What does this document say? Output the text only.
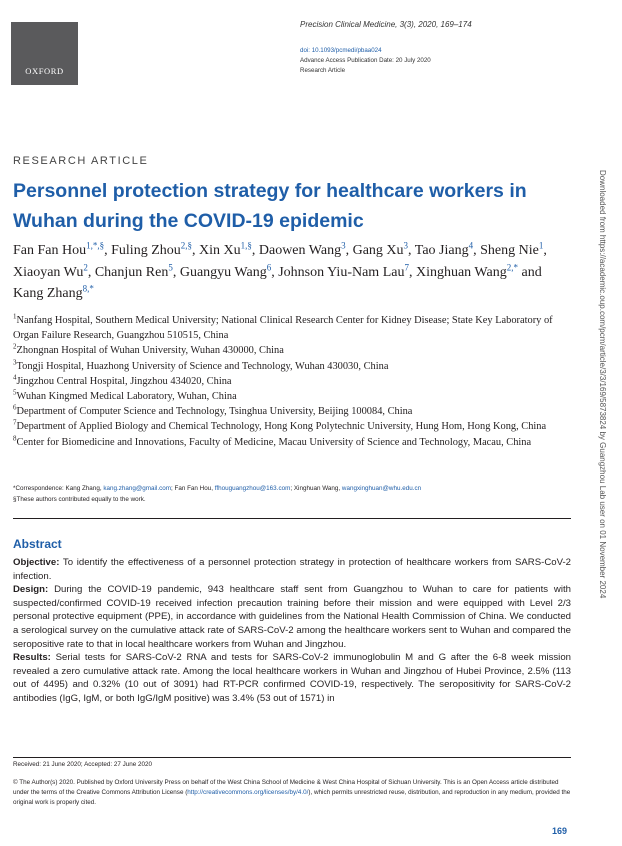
OXFORD
Precision Clinical Medicine, 3(3), 2020, 169–174
doi: 10.1093/pcmedi/pbaa024
Advance Access Publication Date: 20 July 2020
Research Article
RESEARCH ARTICLE
Personnel protection strategy for healthcare workers in Wuhan during the COVID-19 epidemic
Fan Fan Hou$^{1,*,\S}$, Fuling Zhou$^{2,\S}$, Xin $Xu^{1,\S}$, Daowen Wang$^3$, Gang Xu$^3$, Tao Jiang$^4$, Sheng Nie$^1$, Xiaoyan Wu$^2$, Chanjun Ren$^5$, Guangyu Wang$^6$, Johnson Yiu-Nam Lau$^7$, Xinghuan Wang$^{2,*}$ and Kang Zhang$^{8,*}$
$^1$Nanfang Hospital, Southern Medical University; National Clinical Research Center for Kidney Disease; State Key Laboratory of Organ Failure Research, Guangzhou 510515, China
$^2$Zhongnan Hospital of Wuhan University, Wuhan 430000, China
$^3$Tongji Hospital, Huazhong University of Science and Technology, Wuhan 430030, China
$^4$Jingzhou Central Hospital, Jingzhou 434020, China
$^5$Wuhan Kingmed Medical Laboratory, Wuhan, China
$^6$Department of Computer Science and Technology, Tsinghua University, Beijing 100084, China
$^7$Department of Applied Biology and Chemical Technology, Hong Kong Polytechnic University, Hung Hom, Hong Kong, China
$^8$Center for Biomedicine and Innovations, Faculty of Medicine, Macau University of Science and Technology, Macau, China
*Correspondence: Kang Zhang, kang.zhang@gmail.com; Fan Fan Hou, ffhouguangzhou@163.com; Xinghuan Wang, wangxinghuan@whu.edu.cn
§These authors contributed equally to the work.
Abstract

Objective: To identify the effectiveness of a personnel protection strategy in protection of healthcare workers from SARS-CoV-2 infection.

Design: During the COVID-19 pandemic, 943 healthcare staff sent from Guangzhou to Wuhan to care for patients with suspected/confirmed COVID-19 received infection precaution training before their mission and were equipped with Level 2/3 personal protective equipment (PPE), in accordance with guidelines from the National Health Commission of China. We conducted a serological survey on the cumulative attack rate of SARS-CoV-2 among the healthcare workers sent to Wuhan and compared the seropositive rate to that in local healthcare workers from Wuhan and Jingzhou.

Results: Serial tests for SARS-CoV-2 RNA and tests for SARS-CoV-2 immunoglobulin M and G after the 6-8 week mission revealed a zero cumulative attack rate. Among the local healthcare workers in Wuhan and Jingzhou of Hubei Province, 2.5% (113 out of 4495) and 0.32% (10 out of 3091) had RT-PCR confirmed COVID-19, respectively. The seropositivity for SARS-CoV-2 antibodies (IgG, IgM, or both IgG/IgM positive) was 3.4% (53 out of 1571) in

Received: 21 June 2020; Accepted: 27 June 2020
© The Author(s) 2020. Published by Oxford University Press on behalf of the West China School of Medicine & West China Hospital of Sichuan University. This is an Open Access article distributed under the terms of the Creative Commons Attribution License (http://creativecommons.org/licenses/by/4.0/), which permits unrestricted reuse, distribution, and reproduction in any medium, provided the original work is properly cited.
169
Downloaded from https://academic.oup.com/pcm/article/3/3/169/5873824 by Guangzhou Lab user on 01 November 2024
